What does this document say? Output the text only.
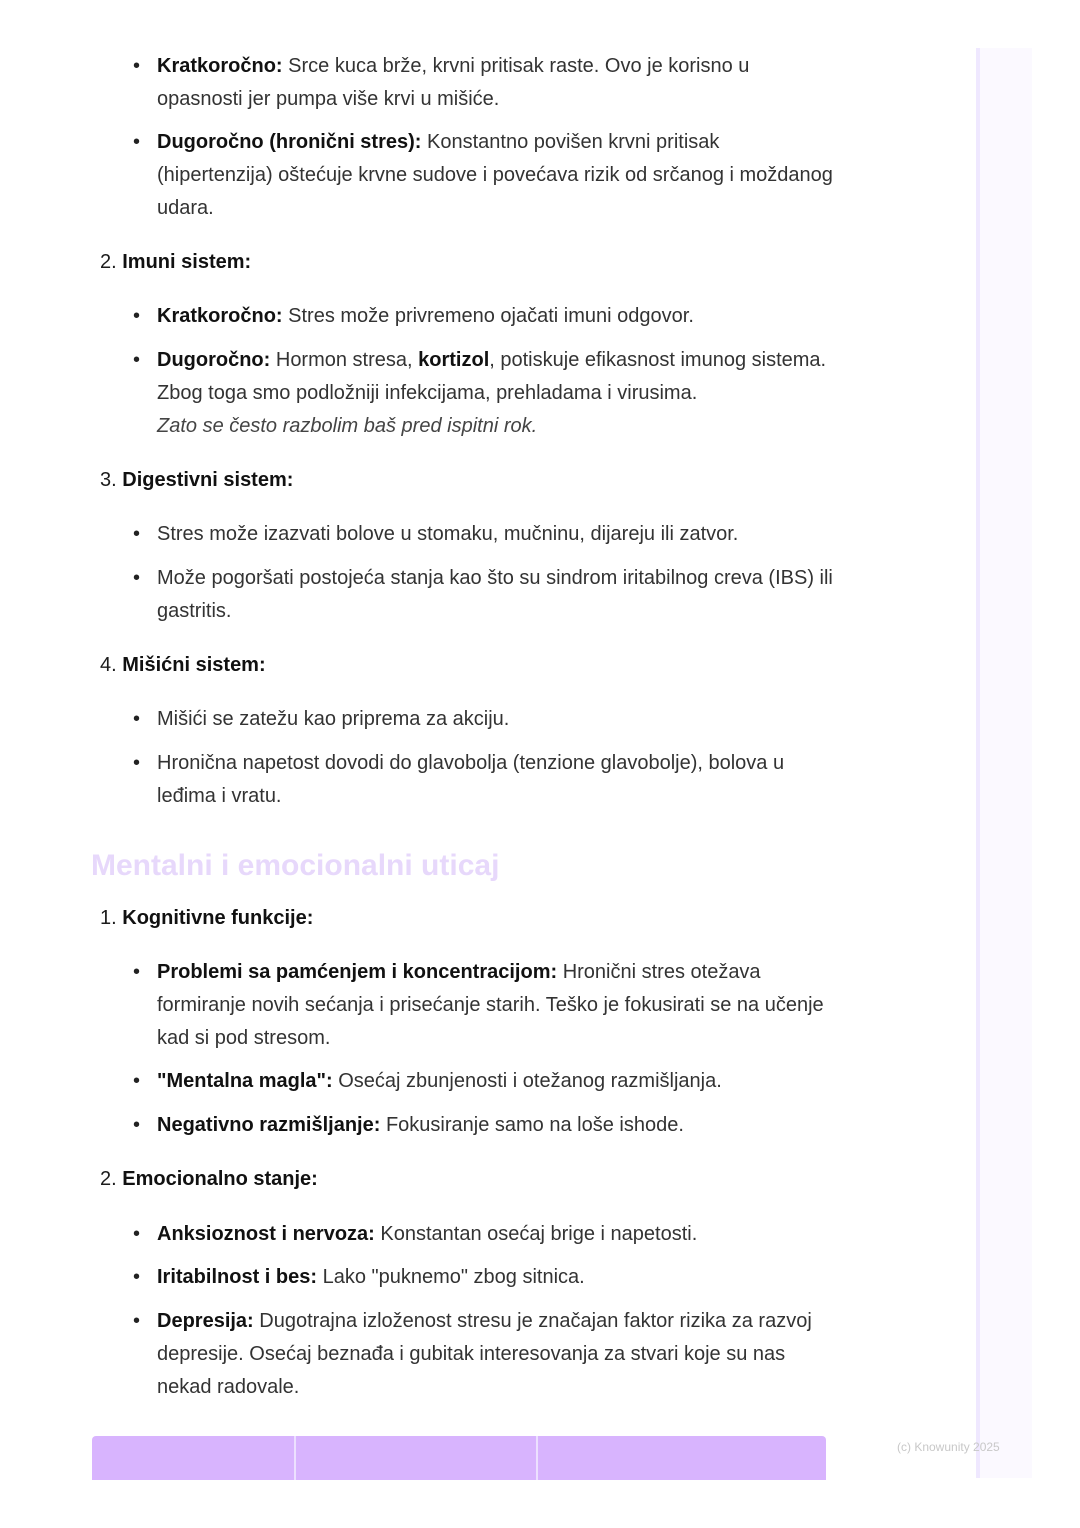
• Kratkoročno: Srce kuca brže, krvni pritisak raste. Ovo je korisno u opasnosti jer pumpa više krvi u mišiće.
• Dugoročno (hronični stres): Konstantno povišen krvni pritisak (hipertenzija) oštećuje krvne sudove i povećava rizik od srčanog i moždanog udara.
2. Imuni sistem:
• Kratkoročno: Stres može privremeno ojačati imuni odgovor.
• Dugoročno: Hormon stresa, kortizol, potiskuje efikasnost imunog sistema. Zbog toga smo podložniji infekcijama, prehladama i virusima.
Zato se često razbolim baš pred ispitni rok.
3. Digestivni sistem:
• Stres može izazvati bolove u stomaku, mučninu, dijareju ili zatvor.
• Može pogoršati postojeća stanja kao što su sindrom iritabilnog creva (IBS) ili gastritis.
4. Mišićni sistem:
• Mišići se zatežu kao priprema za akciju.
• Hronična napetost dovodi do glavobolja (tenzione glavobolje), bolova u leđima i vratu.
Mentalni i emocionalni uticaj
1. Kognitivne funkcije:
• Problemi sa pamćenjem i koncentracijom: Hronični stres otežava formiranje novih sećanja i prisećanje starih. Teško je fokusirati se na učenje kad si pod stresom.
• "Mentalna magla": Osećaj zbunjenosti i otežanog razmišljanja.
• Negativno razmišljanje: Fokusiranje samo na loše ishode.
2. Emocionalno stanje:
• Anksioznost i nervoza: Konstantan osećaj brige i napetosti.
• Iritabilnost i bes: Lako "puknemo" zbog sitnica.
• Depresija: Dugotrajna izloženost stresu je značajan faktor rizika za razvoj depresije. Osećaj beznađa i gubitak interesovanja za stvari koje su nas nekad radovale.
(c) Knowunity 2025
